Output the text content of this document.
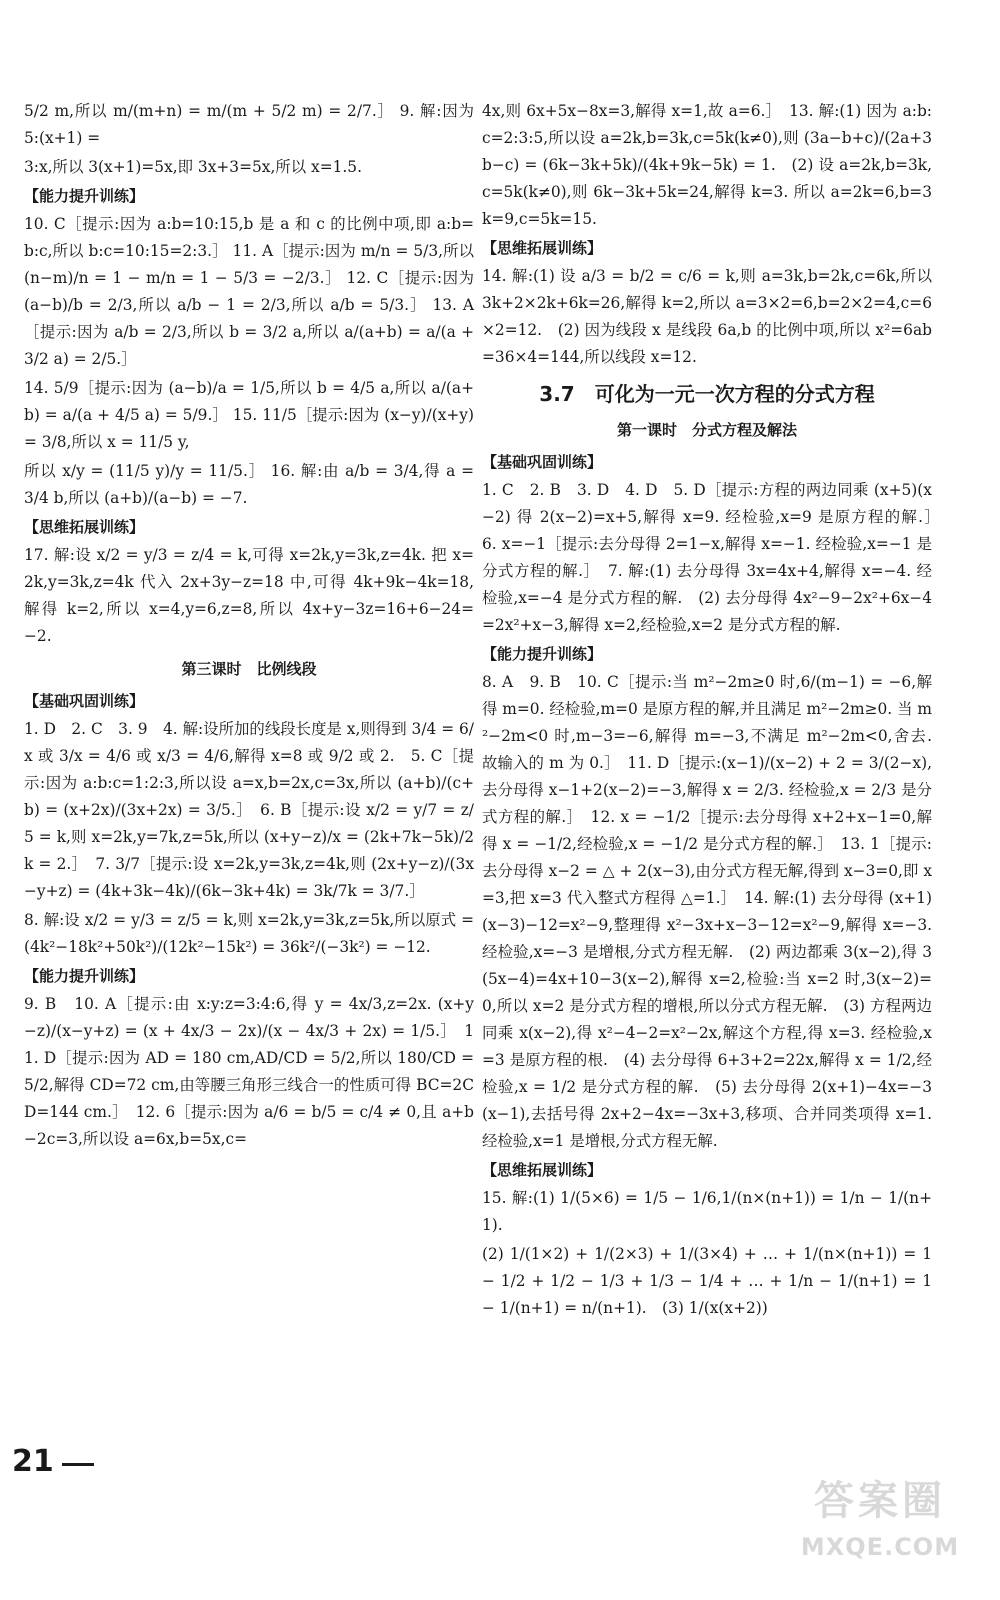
5/2 m,所以 m/(m+n) = m/(m + 5/2 m) = 2/7.］ 9. 解:因为 5:(x+1) =
3:x,所以 3(x+1)=5x,即 3x+3=5x,所以 x=1.5.
【能力提升训练】
10. C［提示:因为 a:b=10:15,b 是 a 和 c 的比例中项,即 a:b=b:c,所以 b:c=10:15=2:3.］ 11. A［提示:因为 m/n = 5/3,所以 (n−m)/n = 1 − m/n = 1 − 5/3 = −2/3.］ 12. C［提示:因为 (a−b)/b = 2/3,所以 a/b − 1 = 2/3,所以 a/b = 5/3.］ 13. A［提示:因为 a/b = 2/3,所以 b = 3/2 a,所以 a/(a+b) = a/(a + 3/2 a) = 2/5.］
14. 5/9［提示:因为 (a−b)/a = 1/5,所以 b = 4/5 a,所以 a/(a+b) = a/(a + 4/5 a) = 5/9.］ 15. 11/5［提示:因为 (x−y)/(x+y) = 3/8,所以 x = 11/5 y,
所以 x/y = (11/5 y)/y = 11/5.］ 16. 解:由 a/b = 3/4,得 a = 3/4 b,所以 (a+b)/(a−b) = −7.
【思维拓展训练】
17. 解:设 x/2 = y/3 = z/4 = k,可得 x=2k,y=3k,z=4k. 把 x=2k,y=3k,z=4k 代入 2x+3y−z=18 中,可得 4k+9k−4k=18,解得 k=2,所以 x=4,y=6,z=8,所以 4x+y−3z=16+6−24=−2.
第三课时　比例线段
【基础巩固训练】
1. D　2. C　3. 9　4. 解:设所加的线段长度是 x,则得到 3/4 = 6/x 或 3/x = 4/6 或 x/3 = 4/6,解得 x=8 或 9/2 或 2.　5. C［提示:因为 a:b:c=1:2:3,所以设 a=x,b=2x,c=3x,所以 (a+b)/(c+b) = (x+2x)/(3x+2x) = 3/5.］　6. B［提示:设 x/2 = y/7 = z/5 = k,则 x=2k,y=7k,z=5k,所以 (x+y−z)/x = (2k+7k−5k)/2k = 2.］　7. 3/7［提示:设 x=2k,y=3k,z=4k,则 (2x+y−z)/(3x−y+z) = (4k+3k−4k)/(6k−3k+4k) = 3k/7k = 3/7.］
8. 解:设 x/2 = y/3 = z/5 = k,则 x=2k,y=3k,z=5k,所以原式 = (4k²−18k²+50k²)/(12k²−15k²) = 36k²/(−3k²) = −12.
【能力提升训练】
9. B　10. A［提示:由 x:y:z=3:4:6,得 y = 4x/3,z=2x. (x+y−z)/(x−y+z) = (x + 4x/3 − 2x)/(x − 4x/3 + 2x) = 1/5.］　11. D［提示:因为 AD = 180 cm,AD/CD = 5/2,所以 180/CD = 5/2,解得 CD=72 cm,由等腰三角形三线合一的性质可得 BC=2CD=144 cm.］　12. 6［提示:因为 a/6 = b/5 = c/4 ≠ 0,且 a+b−2c=3,所以设 a=6x,b=5x,c=
4x,则 6x+5x−8x=3,解得 x=1,故 a=6.］　13. 解:(1) 因为 a:b:c=2:3:5,所以设 a=2k,b=3k,c=5k(k≠0),则 (3a−b+c)/(2a+3b−c) = (6k−3k+5k)/(4k+9k−5k) = 1.　(2) 设 a=2k,b=3k,c=5k(k≠0),则 6k−3k+5k=24,解得 k=3. 所以 a=2k=6,b=3k=9,c=5k=15.
【思维拓展训练】
14. 解:(1) 设 a/3 = b/2 = c/6 = k,则 a=3k,b=2k,c=6k,所以 3k+2×2k+6k=26,解得 k=2,所以 a=3×2=6,b=2×2=4,c=6×2=12.　(2) 因为线段 x 是线段 6a,b 的比例中项,所以 x²=6ab=36×4=144,所以线段 x=12.
3.7　可化为一元一次方程的分式方程
第一课时　分式方程及解法
【基础巩固训练】
1. C　2. B　3. D　4. D　5. D［提示:方程的两边同乘 (x+5)(x−2) 得 2(x−2)=x+5,解得 x=9. 经检验,x=9 是原方程的解.］　6. x=−1［提示:去分母得 2=1−x,解得 x=−1. 经检验,x=−1 是分式方程的解.］　7. 解:(1) 去分母得 3x=4x+4,解得 x=−4. 经检验,x=−4 是分式方程的解.　(2) 去分母得 4x²−9−2x²+6x−4=2x²+x−3,解得 x=2,经检验,x=2 是分式方程的解.
【能力提升训练】
8. A　9. B　10. C［提示:当 m²−2m≥0 时,6/(m−1) = −6,解得 m=0. 经检验,m=0 是原方程的解,并且满足 m²−2m≥0. 当 m²−2m<0 时,m−3=−6,解得 m=−3,不满足 m²−2m<0,舍去. 故输入的 m 为 0.］　11. D［提示:(x−1)/(x−2) + 2 = 3/(2−x),去分母得 x−1+2(x−2)=−3,解得 x = 2/3. 经检验,x = 2/3 是分式方程的解.］　12. x = −1/2［提示:去分母得 x+2+x−1=0,解得 x = −1/2,经检验,x = −1/2 是分式方程的解.］　13. 1［提示:去分母得 x−2 = △ + 2(x−3),由分式方程无解,得到 x−3=0,即 x=3,把 x=3 代入整式方程得 △=1.］　14. 解:(1) 去分母得 (x+1)(x−3)−12=x²−9,整理得 x²−3x+x−3−12=x²−9,解得 x=−3. 经检验,x=−3 是增根,分式方程无解.　(2) 两边都乘 3(x−2),得 3(5x−4)=4x+10−3(x−2),解得 x=2,检验:当 x=2 时,3(x−2)=0,所以 x=2 是分式方程的增根,所以分式方程无解.　(3) 方程两边同乘 x(x−2),得 x²−4−2=x²−2x,解这个方程,得 x=3. 经检验,x=3 是原方程的根.　(4) 去分母得 6+3+2=22x,解得 x = 1/2,经检验,x = 1/2 是分式方程的解.　(5) 去分母得 2(x+1)−4x=−3(x−1),去括号得 2x+2−4x=−3x+3,移项、合并同类项得 x=1. 经检验,x=1 是增根,分式方程无解.
【思维拓展训练】
15. 解:(1) 1/(5×6) = 1/5 − 1/6,1/(n×(n+1)) = 1/n − 1/(n+1).
(2) 1/(1×2) + 1/(2×3) + 1/(3×4) + … + 1/(n×(n+1)) = 1 − 1/2 + 1/2 − 1/3 + 1/3 − 1/4 + … + 1/n − 1/(n+1) = 1 − 1/(n+1) = n/(n+1).　(3) 1/(x(x+2))
21
答案圈
MXQE.COM
